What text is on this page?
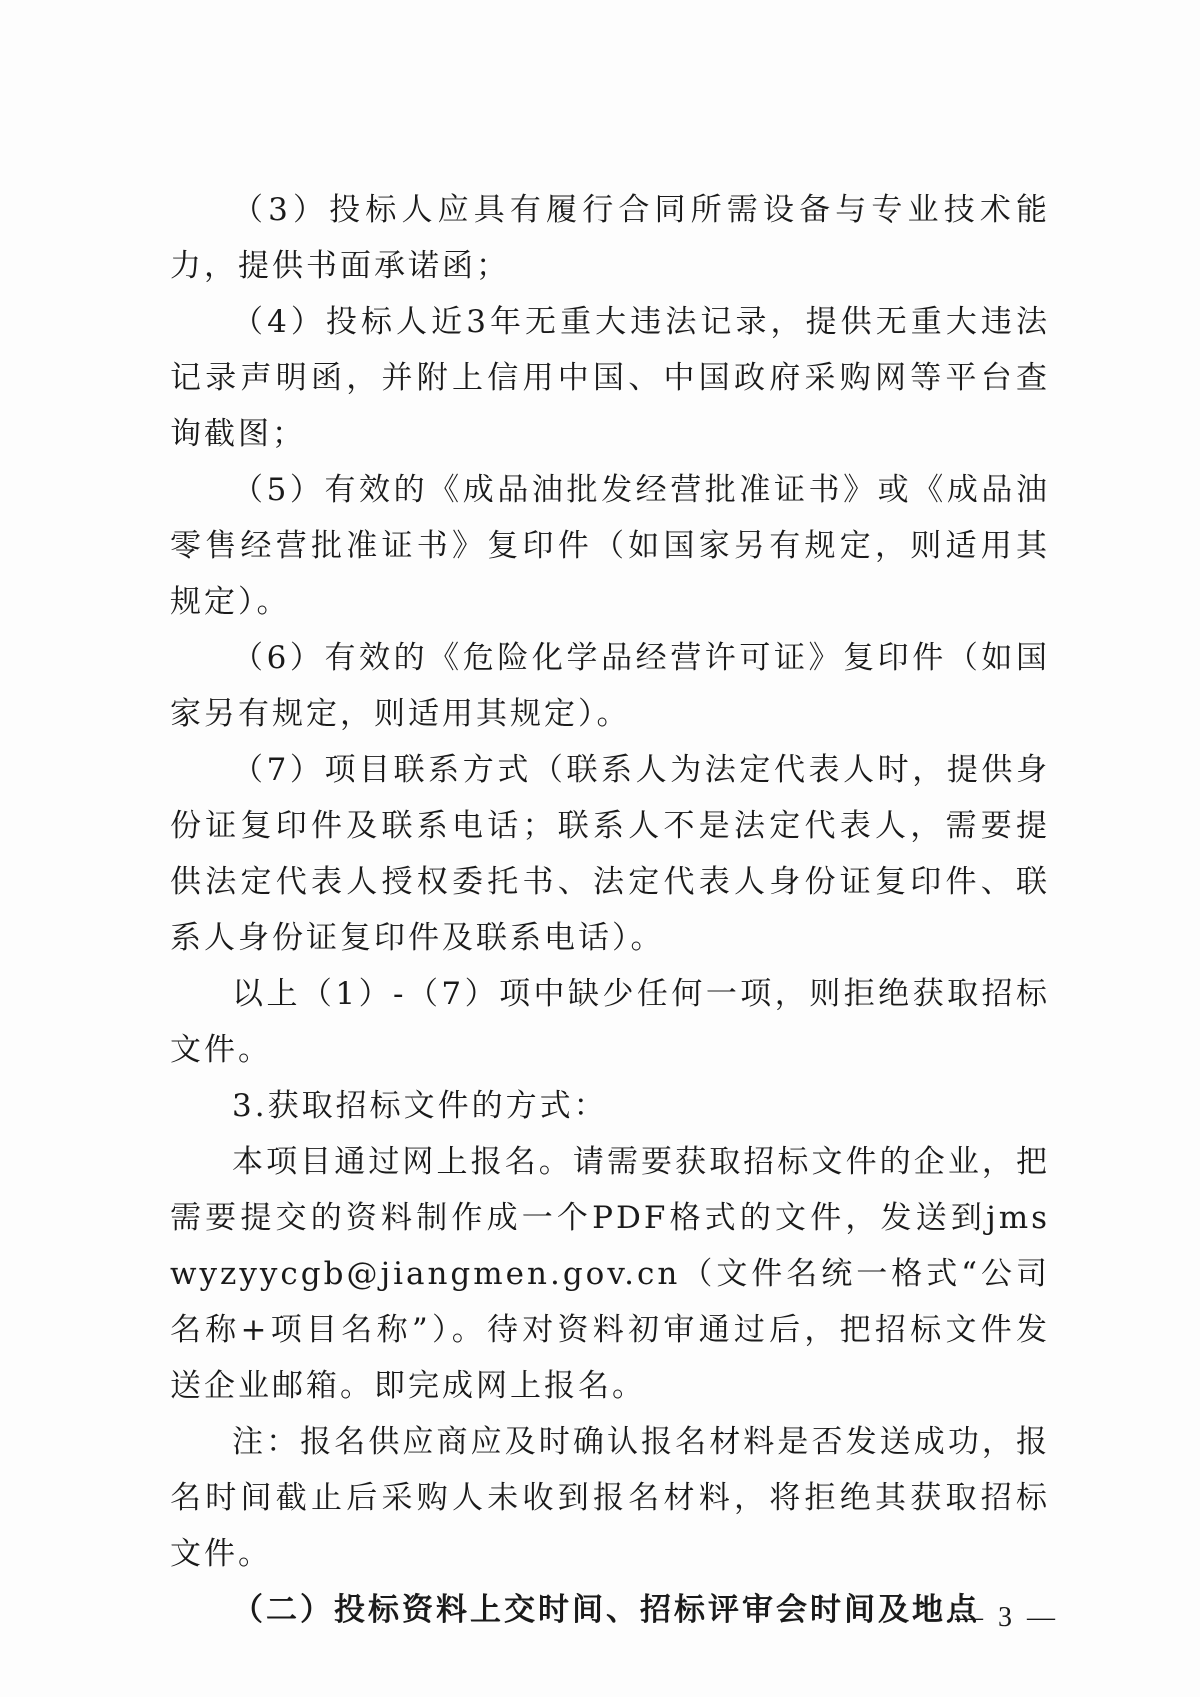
（3）投标人应具有履行合同所需设备与专业技术能力，提供书面承诺函；

（4）投标人近3年无重大违法记录，提供无重大违法记录声明函，并附上信用中国、中国政府采购网等平台查询截图；

（5）有效的《成品油批发经营批准证书》或《成品油零售经营批准证书》复印件（如国家另有规定，则适用其规定）。

（6）有效的《危险化学品经营许可证》复印件（如国家另有规定，则适用其规定）。

（7）项目联系方式（联系人为法定代表人时，提供身份证复印件及联系电话；联系人不是法定代表人，需要提供法定代表人授权委托书、法定代表人身份证复印件、联系人身份证复印件及联系电话）。

以上（1）-（7）项中缺少任何一项，则拒绝获取招标文件。

3.获取招标文件的方式：

本项目通过网上报名。请需要获取招标文件的企业，把需要提交的资料制作成一个PDF格式的文件，发送到jmswyzyycgb@jiangmen.gov.cn（文件名统一格式“公司名称+项目名称”）。待对资料初审通过后，把招标文件发送企业邮箱。即完成网上报名。

注：报名供应商应及时确认报名材料是否发送成功，报名时间截止后采购人未收到报名材料，将拒绝其获取招标文件。

（二）投标资料上交时间、招标评审会时间及地点

— 3 —
